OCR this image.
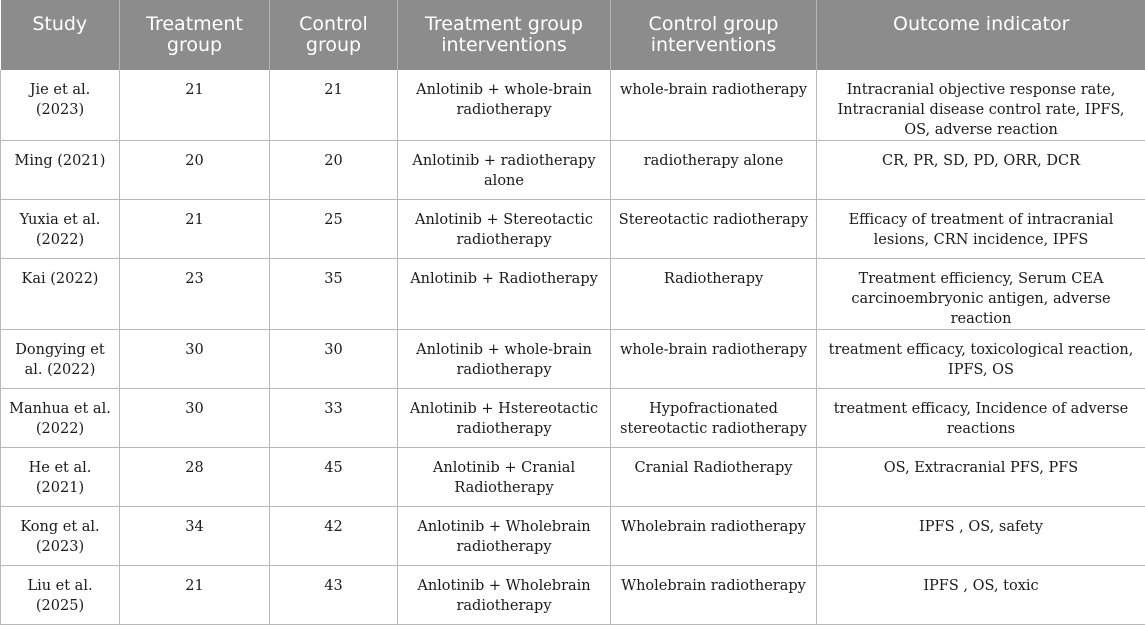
Study	Treatment group	Control group	Treatment group interventions	Control group interventions	Outcome indicator
Jie et al. (2023)	21	21	Anlotinib + whole-brain radiotherapy	whole-brain radiotherapy	Intracranial objective response rate, Intracranial disease control rate, IPFS, OS, adverse reaction
Ming (2021)	20	20	Anlotinib + radiotherapy alone	radiotherapy alone	CR, PR, SD, PD, ORR, DCR
Yuxia et al. (2022)	21	25	Anlotinib + Stereotactic radiotherapy	Stereotactic radiotherapy	Efficacy of treatment of intracranial lesions, CRN incidence, IPFS
Kai (2022)	23	35	Anlotinib + Radiotherapy	Radiotherapy	Treatment efficiency, Serum CEA carcinoembryonic antigen, adverse reaction
Dongying et al. (2022)	30	30	Anlotinib + whole-brain radiotherapy	whole-brain radiotherapy	treatment efficacy, toxicological reaction, IPFS, OS
Manhua et al. (2022)	30	33	Anlotinib + Hstereotactic radiotherapy	Hypofractionated stereotactic radiotherapy	treatment efficacy, Incidence of adverse reactions
He et al. (2021)	28	45	Anlotinib + Cranial Radiotherapy	Cranial Radiotherapy	OS, Extracranial PFS, PFS
Kong et al. (2023)	34	42	Anlotinib + Wholebrain radiotherapy	Wholebrain radiotherapy	IPFS , OS, safety
Liu et al. (2025)	21	43	Anlotinib + Wholebrain radiotherapy	Wholebrain radiotherapy	IPFS , OS, toxic
